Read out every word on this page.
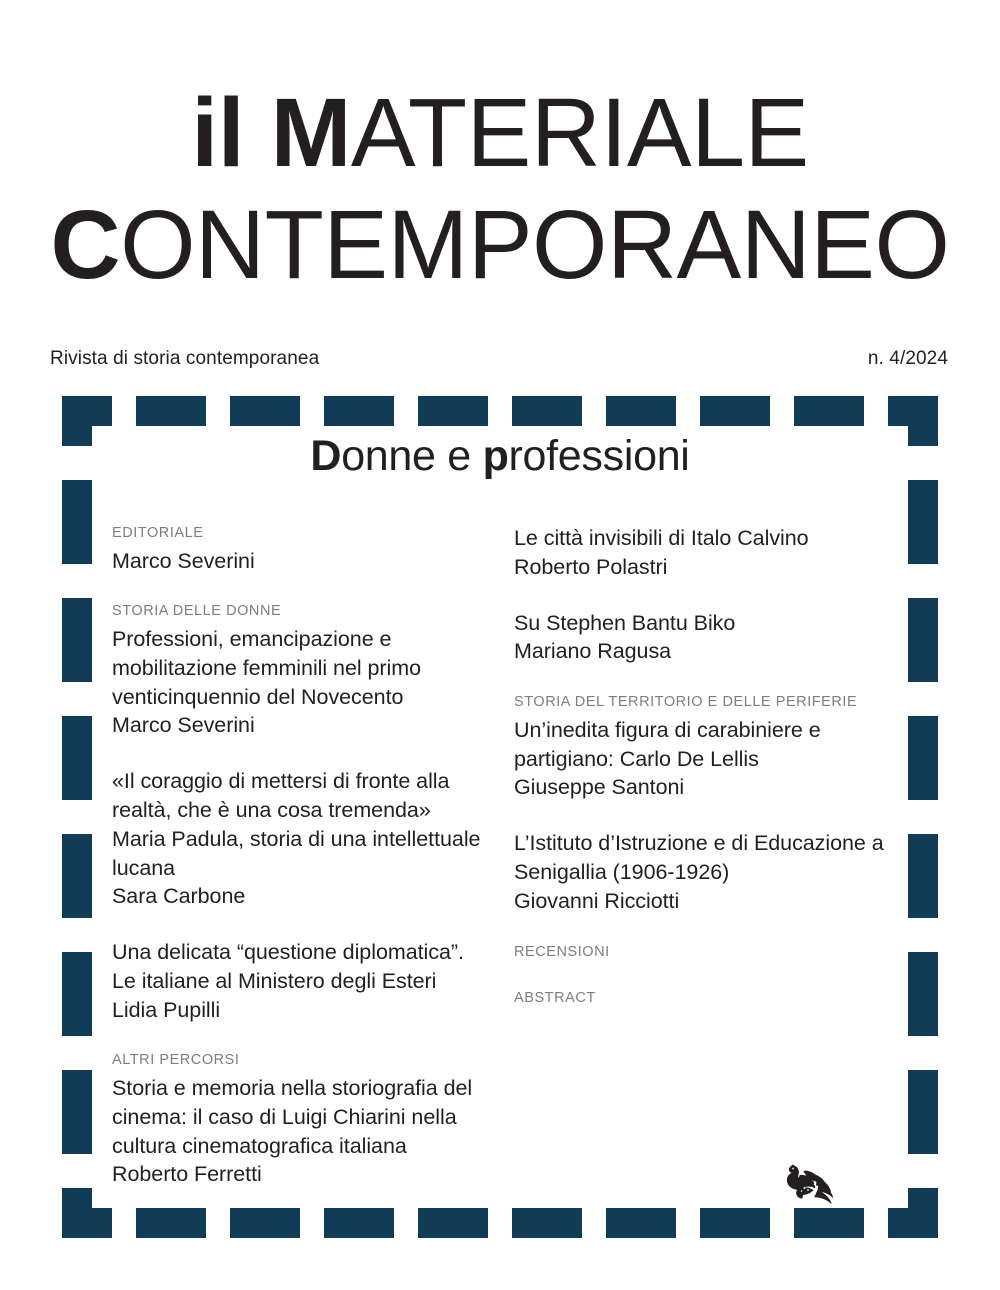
il MATERIALE
CONTEMPORANEO
Rivista di storia contemporanea	n. 4/2024
Donne e professioni
EDITORIALE
Marco Severini
STORIA DELLE DONNE
Professioni, emancipazione e mobilitazione femminili nel primo venticinquennio del Novecento
Marco Severini
«Il coraggio di mettersi di fronte alla realtà, che è una cosa tremenda» Maria Padula, storia di una intellettuale lucana
Sara Carbone
Una delicata “questione diplomatica”. Le italiane al Ministero degli Esteri
Lidia Pupilli
ALTRI PERCORSI
Storia e memoria nella storiografia del cinema: il caso di Luigi Chiarini nella cultura cinematografica italiana
Roberto Ferretti
Le città invisibili di Italo Calvino
Roberto Polastri
Su Stephen Bantu Biko
Mariano Ragusa
STORIA DEL TERRITORIO E DELLE PERIFERIE
Un’inedita figura di carabiniere e partigiano: Carlo De Lellis
Giuseppe Santoni
L’Istituto d’Istruzione e di Educazione a Senigallia (1906-1926)
Giovanni Ricciotti
RECENSIONI
ABSTRACT
